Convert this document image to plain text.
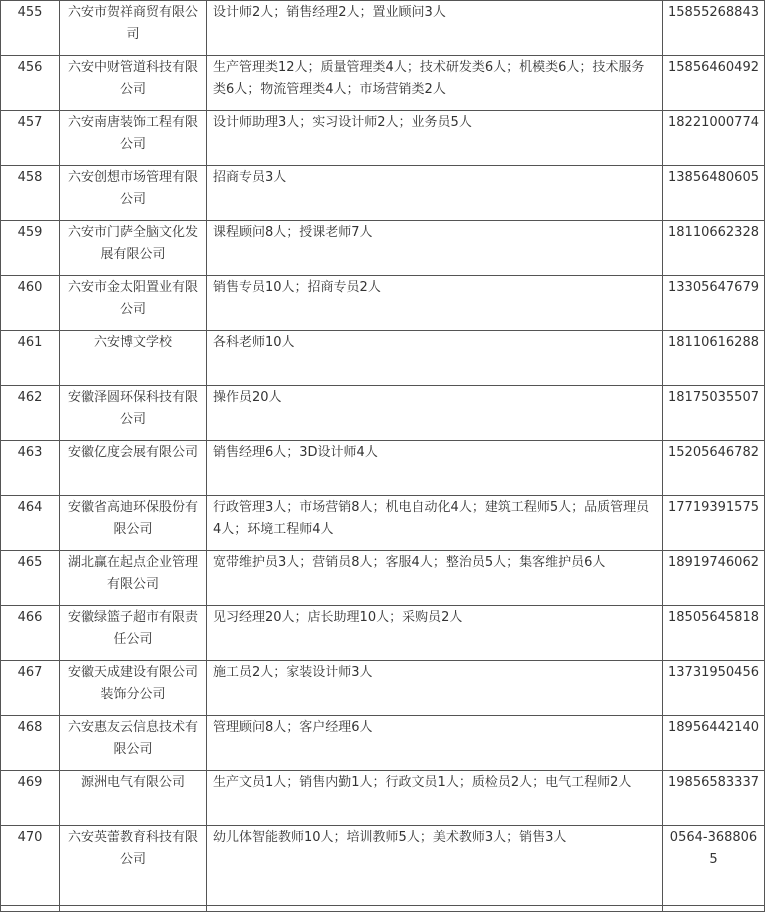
455	六安市贺祥商贸有限公司	设计师2人；销售经理2人；置业顾问3人	15855268843
456	六安中财管道科技有限公司	生产管理类12人；质量管理类4人；技术研发类6人；机模类6人；技术服务类6人；物流管理类4人；市场营销类2人	15856460492
457	六安南唐装饰工程有限公司	设计师助理3人；实习设计师2人；业务员5人	18221000774
458	六安创想市场管理有限公司	招商专员3人	13856480605
459	六安市门萨全脑文化发展有限公司	课程顾问8人；授课老师7人	18110662328
460	六安市金太阳置业有限公司	销售专员10人；招商专员2人	13305647679
461	六安博文学校	各科老师10人	18110616288
462	安徽泽圆环保科技有限公司	操作员20人	18175035507
463	安徽亿度会展有限公司	销售经理6人；3D设计师4人	15205646782
464	安徽省高迪环保股份有限公司	行政管理3人；市场营销8人；机电自动化4人；建筑工程师5人；品质管理员4人；环境工程师4人	17719391575
465	湖北赢在起点企业管理有限公司	宽带维护员3人；营销员8人；客服4人；整治员5人；集客维护员6人	18919746062
466	安徽绿篮子超市有限责任公司	见习经理20人；店长助理10人；采购员2人	18505645818
467	安徽天成建设有限公司装饰分公司	施工员2人；家装设计师3人	13731950456
468	六安惠友云信息技术有限公司	管理顾问8人；客户经理6人	18956442140
469	源洲电气有限公司	生产文员1人；销售内勤1人；行政文员1人；质检员2人；电气工程师2人	19856583337
470	六安英蕾教育科技有限公司	幼儿体智能教师10人；培训教师5人；美术教师3人；销售3人	0564-3688065
